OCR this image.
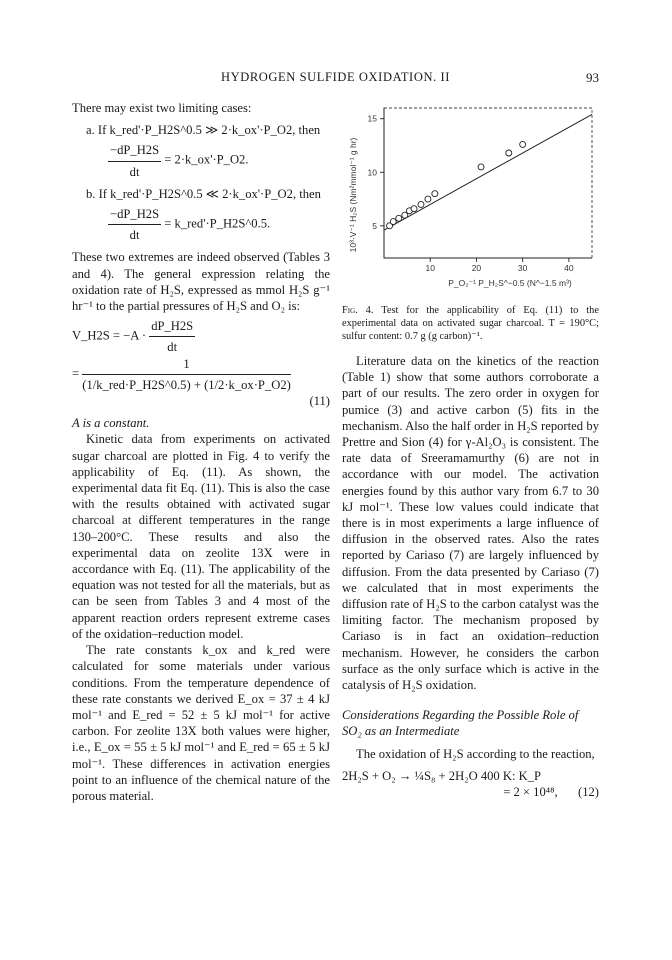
HYDROGEN SULFIDE OXIDATION. II	93

There may exist two limiting cases:

a. If k_red'·P_H2S^0.5 ≫ 2·k_ox'·P_O2, then
$\frac{-dP\_H2S}{dt}$ = 2·k_ox'·P_O2.
b. If k_red'·P_H2S^0.5 ≪ 2·k_ox'·P_O2, then
$\frac{-dP\_H2S}{dt}$ = k_red'·P_H2S^0.5.

These two extremes are indeed observed (Tables 3 and 4). The general expression relating the oxidation rate of H₂S, expressed as mmol H₂S g⁻¹ hr⁻¹ to the partial pressures of H₂S and O₂ is:

V_H2S = $-A \cdot \frac{dP\_H2S}{dt}$
= $\frac{1}{\text{(1/k\_red·P\_H2S\textasciicircum{}0.5) + (1/2·k\_ox·P\_O2)}}$
(11)

A is a constant.

Kinetic data from experiments on activated sugar charcoal are plotted in Fig. 4 to verify the applicability of Eq. (11). As shown, the experimental data fit Eq. (11). This is also the case with the results obtained with activated sugar charcoal at different temperatures in the range 130–200°C. These results and also the experimental data on zeolite 13X were in accordance with Eq. (11). The applicability of the equation was not tested for all the materials, but as can be seen from Tables 3 and 4 most of the apparent reaction orders represent extreme cases of the oxidation–reduction model.

The rate constants k_ox and k_red were calculated for some materials under various conditions. From the temperature dependence of these rate constants we derived E_ox = 37 ± 4 kJ mol⁻¹ and E_red = 52 ± 5 kJ mol⁻¹ for active carbon. For zeolite 13X both values were higher, i.e., E_ox = 55 ± 5 kJ mol⁻¹ and E_red = 65 ± 5 kJ mol⁻¹. These differences in activation energies point to an influence of the chemical nature of the porous material.

10	20	30	40
5
10
15
10³·V⁻¹ H₂S (Nm²mmol⁻¹ g hr)
P_O₂⁻¹ P_H₂S^−0.5 (N^−1.5 m³)
Fig. 4. Test for the applicability of Eq. (11) to the experimental data on activated sugar charcoal. T = 190°C; sulfur content: 0.7 g (g carbon)⁻¹.

Literature data on the kinetics of the reaction (Table 1) show that some authors corroborate a part of our results. The zero order in oxygen for pumice (3) and active carbon (5) fits in the mechanism. Also the half order in H₂S reported by Prettre and Sion (4) for γ-Al₂O₃ is consistent. The rate data of Sreeramamurthy (6) are not in accordance with our model. The activation energies found by this author vary from 6.7 to 30 kJ mol⁻¹. These low values could indicate that there is in most experiments a large influence of diffusion in the observed rates. Also the rates reported by Cariaso (7) are largely influenced by diffusion. From the data presented by Cariaso (7) we calculated that in most experiments the diffusion rate of H₂S to the carbon catalyst was the limiting factor. The mechanism proposed by Cariaso is in fact an oxidation–reduction mechanism. However, he considers the carbon surface as the only surface which is active in the catalysis of H₂S oxidation.

Considerations Regarding the Possible Role of SO₂ as an Intermediate

The oxidation of H₂S according to the reaction,

2H₂S + O₂ → ¼S₈ + 2H₂O 400 K: K_P
= 2 × 10⁴⁸, (12)
